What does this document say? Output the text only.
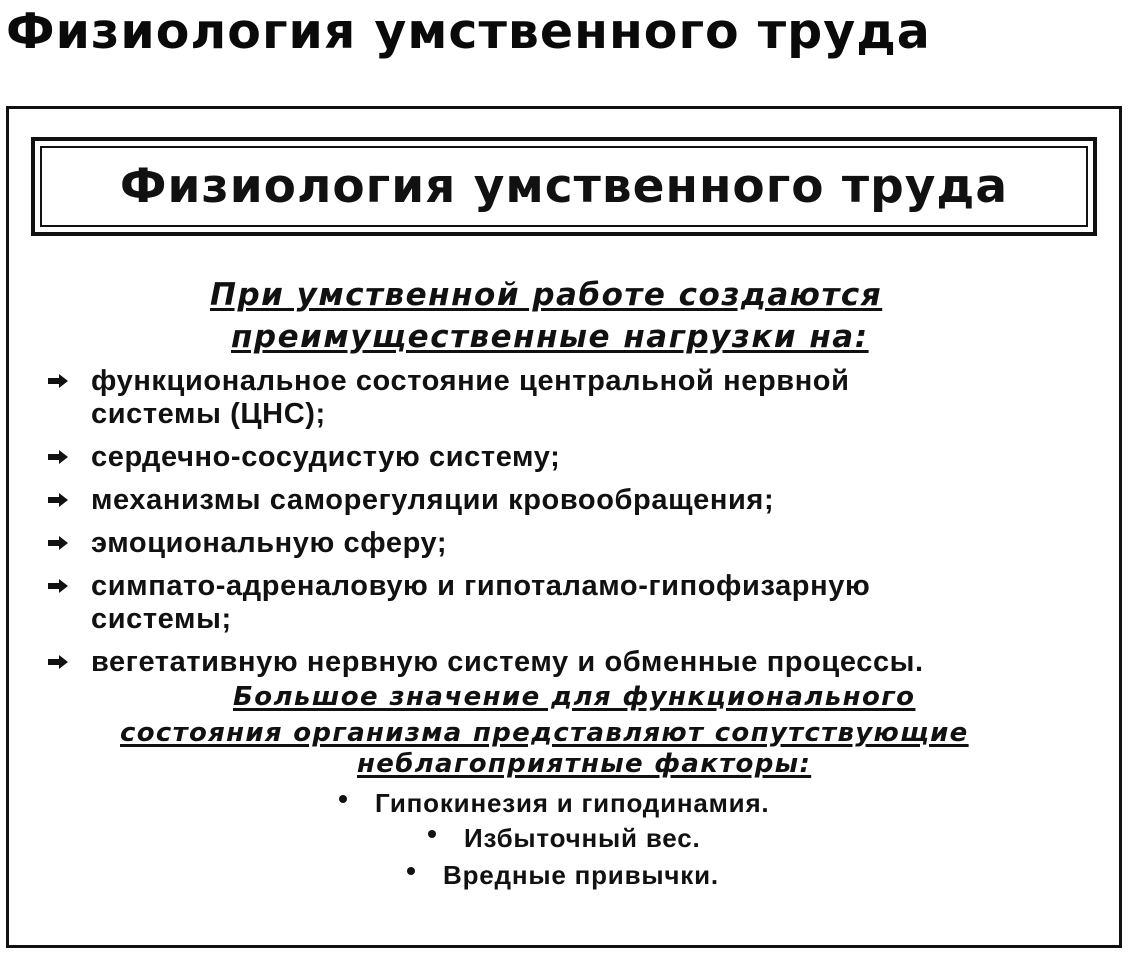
Физиология умственного труда
Физиология умственного труда
При умственной работе создаются
преимущественные нагрузки на:
функциональное состояние центральной нервной
системы (ЦНС);
сердечно-сосудистую систему;
механизмы саморегуляции кровообращения;
эмоциональную сферу;
симпато-адреналовую и гипоталамо-гипофизарную
системы;
вегетативную нервную систему и обменные процессы.
Большое значение для функционального
состояния организма представляют сопутствующие
неблагоприятные факторы:
Гипокинезия и гиподинамия.
Избыточный вес.
Вредные привычки.
